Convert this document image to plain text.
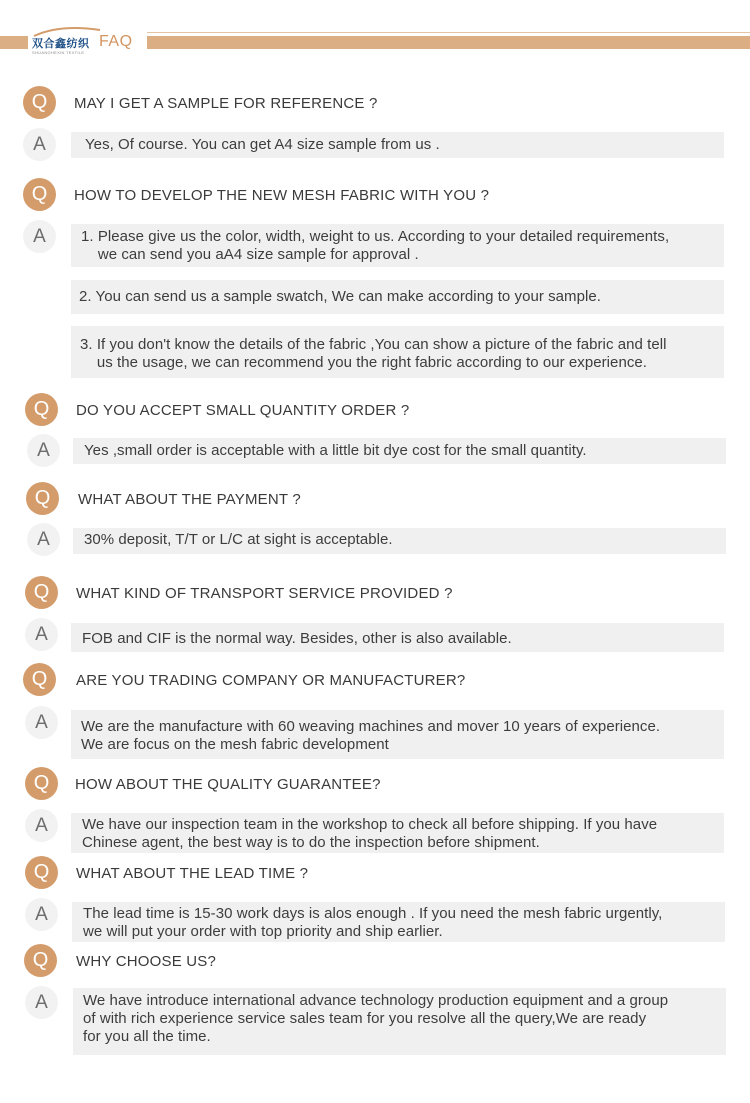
双合鑫纺织
SHUANGHEXIN TEXTILE
FAQ
Q	MAY I GET A SAMPLE FOR REFERENCE ?
A	Yes, Of course. You can get A4 size sample from us .
Q	HOW TO DEVELOP THE NEW MESH FABRIC WITH YOU ?
A	1. Please give us the color, width, weight to us. According to your detailed requirements,
we can send you aA4 size sample for approval .
2. You can send us a sample swatch, We can make according to your sample.
3. If you don't know the details of the fabric ,You can show a picture of the fabric and tell
us the usage, we can recommend you the right fabric according to our experience.
Q	DO YOU ACCEPT SMALL QUANTITY ORDER ?
A	Yes ,small order is acceptable with a little bit dye cost for the small quantity.
Q	WHAT ABOUT THE PAYMENT ?
A	30% deposit, T/T or L/C at sight is acceptable.
Q	WHAT KIND OF TRANSPORT SERVICE PROVIDED ?
A	FOB and CIF is the normal way. Besides, other is also available.
Q	ARE YOU TRADING COMPANY OR MANUFACTURER?
A	We are the manufacture with 60 weaving machines and mover 10 years of experience.
We are focus on the mesh fabric development
Q	HOW ABOUT THE QUALITY GUARANTEE?
A	We have our inspection team in the workshop to check all before shipping. If you have
Chinese agent, the best way is to do the inspection before shipment.
Q	WHAT ABOUT THE LEAD TIME ?
A	The lead time is 15-30 work days is alos enough . If you need the mesh fabric urgently,
we will put your order with top priority and ship earlier.
Q	WHY CHOOSE US?
A	We have introduce international advance technology production equipment and a group
of with rich experience service sales team for you resolve all the query,We are ready
for you all the time.
